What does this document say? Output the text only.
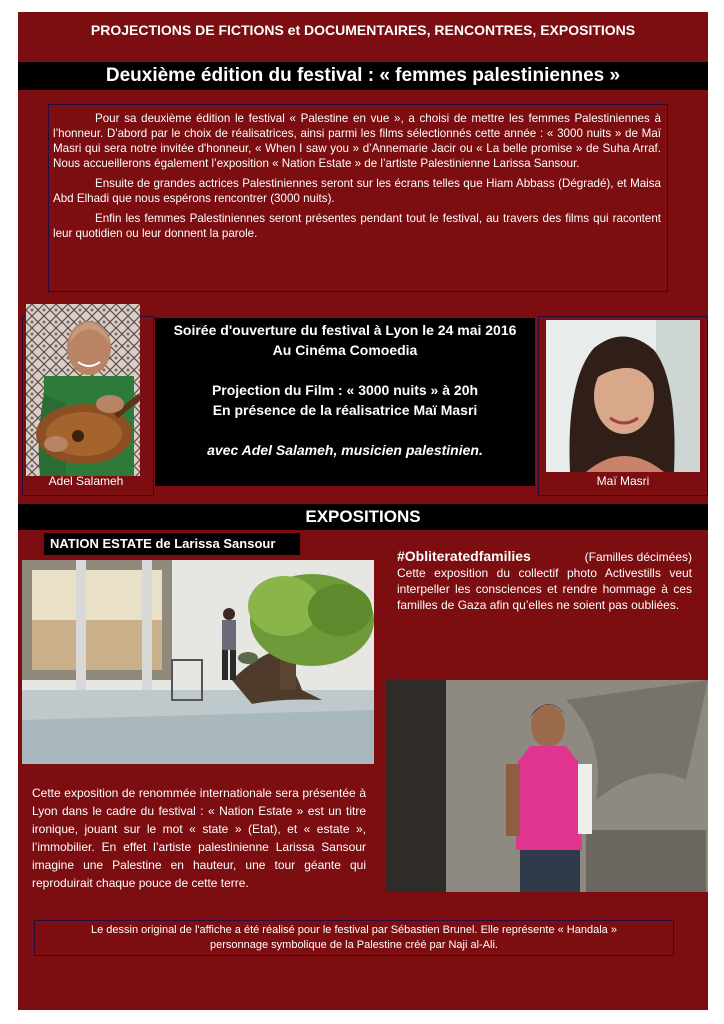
PROJECTIONS DE FICTIONS et DOCUMENTAIRES, RENCONTRES, EXPOSITIONS
Deuxième édition du festival : « femmes palestiniennes »

Pour sa deuxième édition le festival « Palestine en vue », a choisi de mettre les femmes Palestiniennes à l’honneur. D'abord par le choix de réalisatrices, ainsi parmi les films sélectionnés cette année : « 3000 nuits » de Maï Masri qui sera notre invitée d'honneur, « When I saw you » d’Annemarie Jacir ou « La belle promise » de Suha Arraf. Nous accueillerons également l’exposition « Nation Estate » de l’artiste Palestinienne Larissa Sansour.

Ensuite de grandes actrices Palestiniennes seront sur les écrans telles que Hiam Abbass (Dégradé), et Maisa Abd Elhadi que nous espérons rencontrer (3000 nuits).

Enfin les femmes Palestiniennes seront présentes pendant tout le festival, au travers des films qui racontent leur quotidien ou leur donnent la parole.

Adel Salameh
Soirée d'ouverture du festival à Lyon le 24 mai 2016
Au Cinéma Comoedia
Projection du Film : « 3000 nuits » à 20h
En présence de la réalisatrice Maï Masri
avec Adel Salameh, musicien palestinien.
Maï Masri
EXPOSITIONS
NATION ESTATE de Larissa Sansour
#Obliteratedfamilies	(Familles décimées)
Cette exposition du collectif photo Activestills veut interpeller les consciences et rendre hommage à ces familles de Gaza afin qu’elles ne soient pas oubliées.
Cette exposition de renommée internationale sera présentée à Lyon dans le cadre du festival : « Nation Estate » est un titre ironique, jouant sur le mot « state » (Etat), et « estate », l’immobilier. En effet l’artiste palestinienne Larissa Sansour imagine une Palestine en hauteur, une tour géante qui reproduirait chaque pouce de cette terre.
Le dessin original de l'affiche a été réalisé pour le festival par Sébastien Brunel. Elle représente « Handala »
personnage symbolique de la Palestine créé par Naji al-Ali.
